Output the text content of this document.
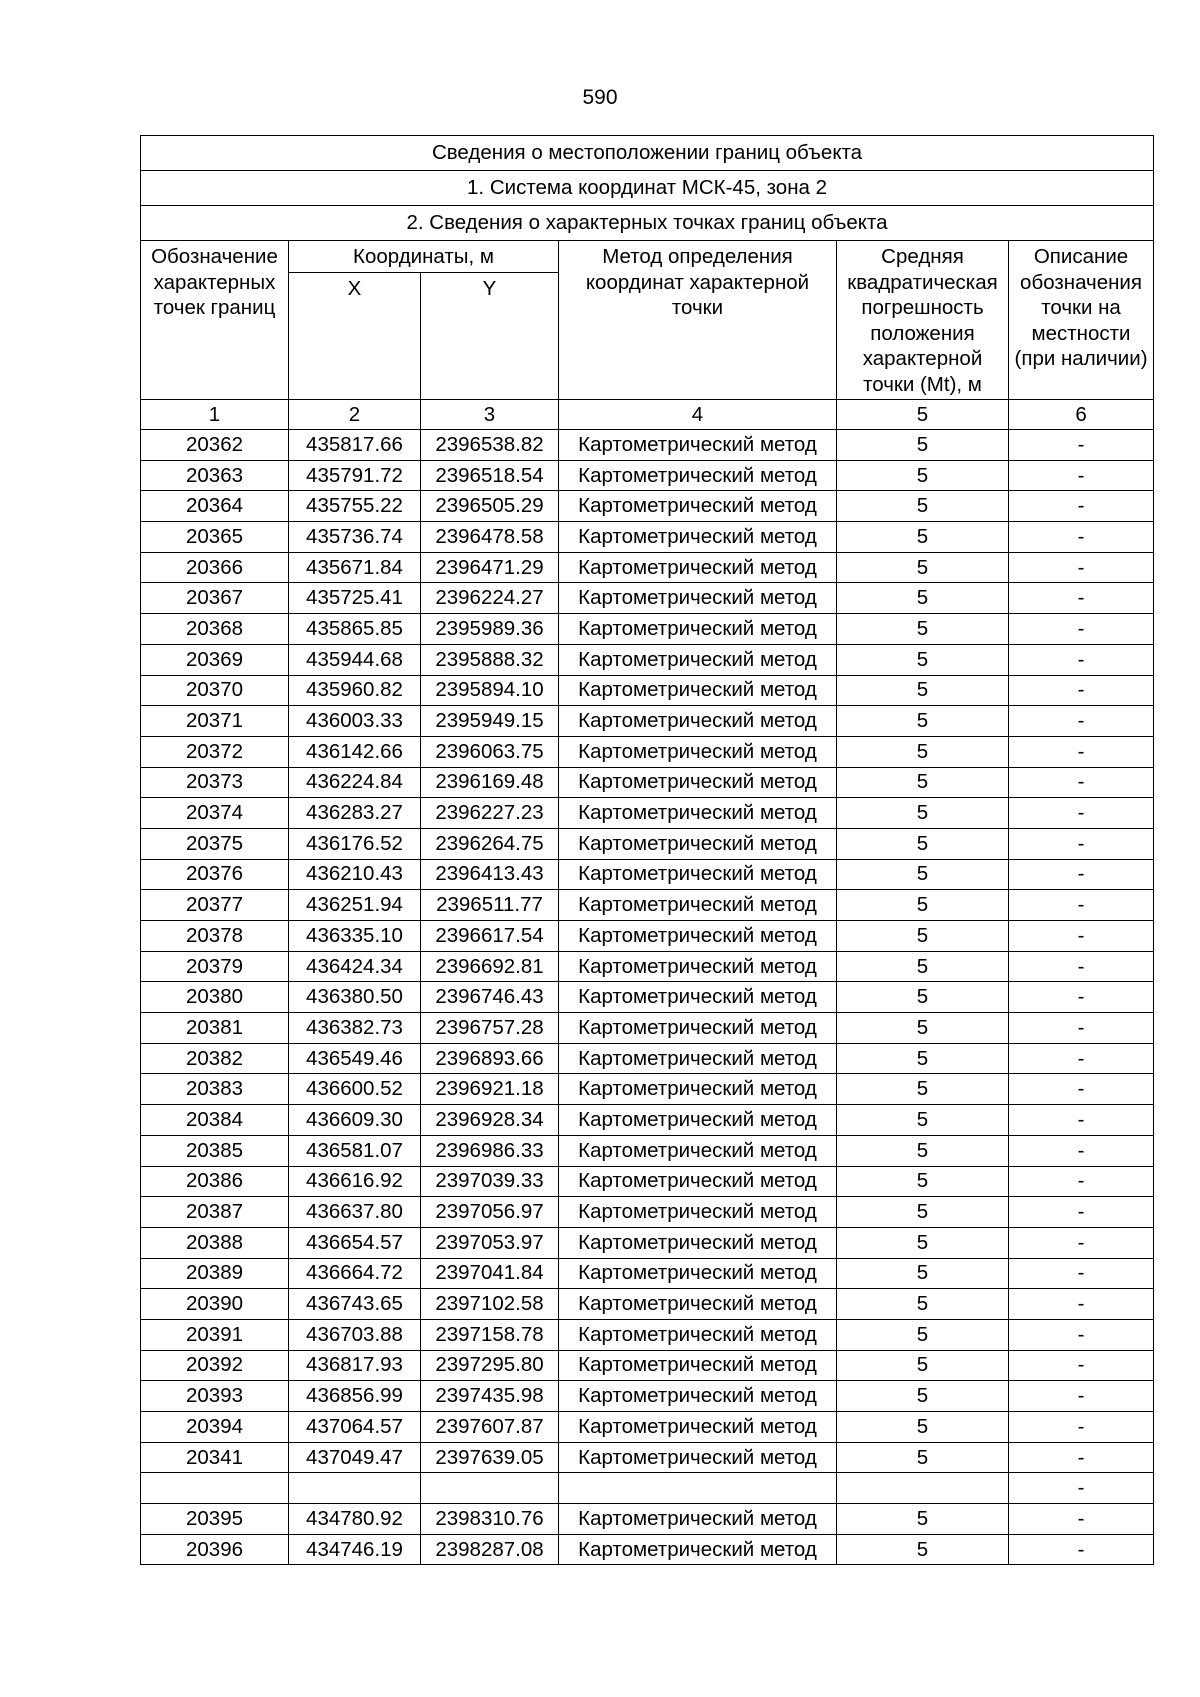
590
Сведения о местоположении границ объекта					
1. Система координат МСК-45, зона 2					
2. Сведения о характерных точках границ объекта					
Обозначение характерных точек границ	Координаты, м		Метод определения координат характерной точки	Средняя квадратическая погрешность положения характерной точки (Mt), м	Описание обозначения точки на местности (при наличии)
	X	Y			
1	2	3	4	5	6
20362	435817.66	2396538.82	Картометрический метод	5	-
20363	435791.72	2396518.54	Картометрический метод	5	-
20364	435755.22	2396505.29	Картометрический метод	5	-
20365	435736.74	2396478.58	Картометрический метод	5	-
20366	435671.84	2396471.29	Картометрический метод	5	-
20367	435725.41	2396224.27	Картометрический метод	5	-
20368	435865.85	2395989.36	Картометрический метод	5	-
20369	435944.68	2395888.32	Картометрический метод	5	-
20370	435960.82	2395894.10	Картометрический метод	5	-
20371	436003.33	2395949.15	Картометрический метод	5	-
20372	436142.66	2396063.75	Картометрический метод	5	-
20373	436224.84	2396169.48	Картометрический метод	5	-
20374	436283.27	2396227.23	Картометрический метод	5	-
20375	436176.52	2396264.75	Картометрический метод	5	-
20376	436210.43	2396413.43	Картометрический метод	5	-
20377	436251.94	2396511.77	Картометрический метод	5	-
20378	436335.10	2396617.54	Картометрический метод	5	-
20379	436424.34	2396692.81	Картометрический метод	5	-
20380	436380.50	2396746.43	Картометрический метод	5	-
20381	436382.73	2396757.28	Картометрический метод	5	-
20382	436549.46	2396893.66	Картометрический метод	5	-
20383	436600.52	2396921.18	Картометрический метод	5	-
20384	436609.30	2396928.34	Картометрический метод	5	-
20385	436581.07	2396986.33	Картометрический метод	5	-
20386	436616.92	2397039.33	Картометрический метод	5	-
20387	436637.80	2397056.97	Картометрический метод	5	-
20388	436654.57	2397053.97	Картометрический метод	5	-
20389	436664.72	2397041.84	Картометрический метод	5	-
20390	436743.65	2397102.58	Картометрический метод	5	-
20391	436703.88	2397158.78	Картометрический метод	5	-
20392	436817.93	2397295.80	Картометрический метод	5	-
20393	436856.99	2397435.98	Картометрический метод	5	-
20394	437064.57	2397607.87	Картометрический метод	5	-
20341	437049.47	2397639.05	Картометрический метод	5	-
					-
20395	434780.92	2398310.76	Картометрический метод	5	-
20396	434746.19	2398287.08	Картометрический метод	5	-
